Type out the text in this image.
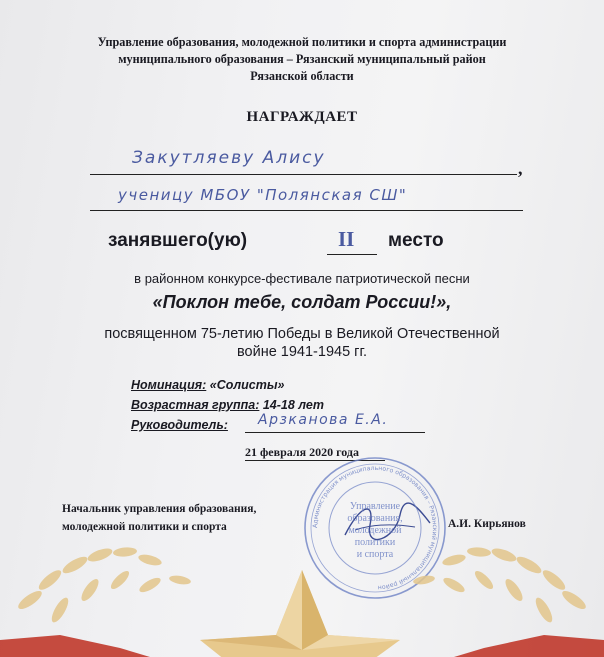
Управление образования, молодежной политики и спорта администрации
муниципального образования – Рязанский муниципальный район
Рязанской области
НАГРАЖДАЕТ
Закутляеву Алису	,
ученицу МБОУ "Полянская СШ"
занявшего(ую)	II место
в районном конкурсе-фестивале патриотической песни
«Поклон тебе, солдат России!»,
посвященном 75-летию Победы в Великой Отечественной
войне 1941-1945 гг.
Номинация: «Солисты»
Возрастная группа: 14-18 лет
Руководитель: Арзканова Е.А.
21 февраля 2020 года
Начальник управления образования,
молодежной политики и спорта	А.И. Кирьянов
Администрация муниципального образования – Рязанский муниципальный район
Управление
образования,
молодежной
политики
и спорта
